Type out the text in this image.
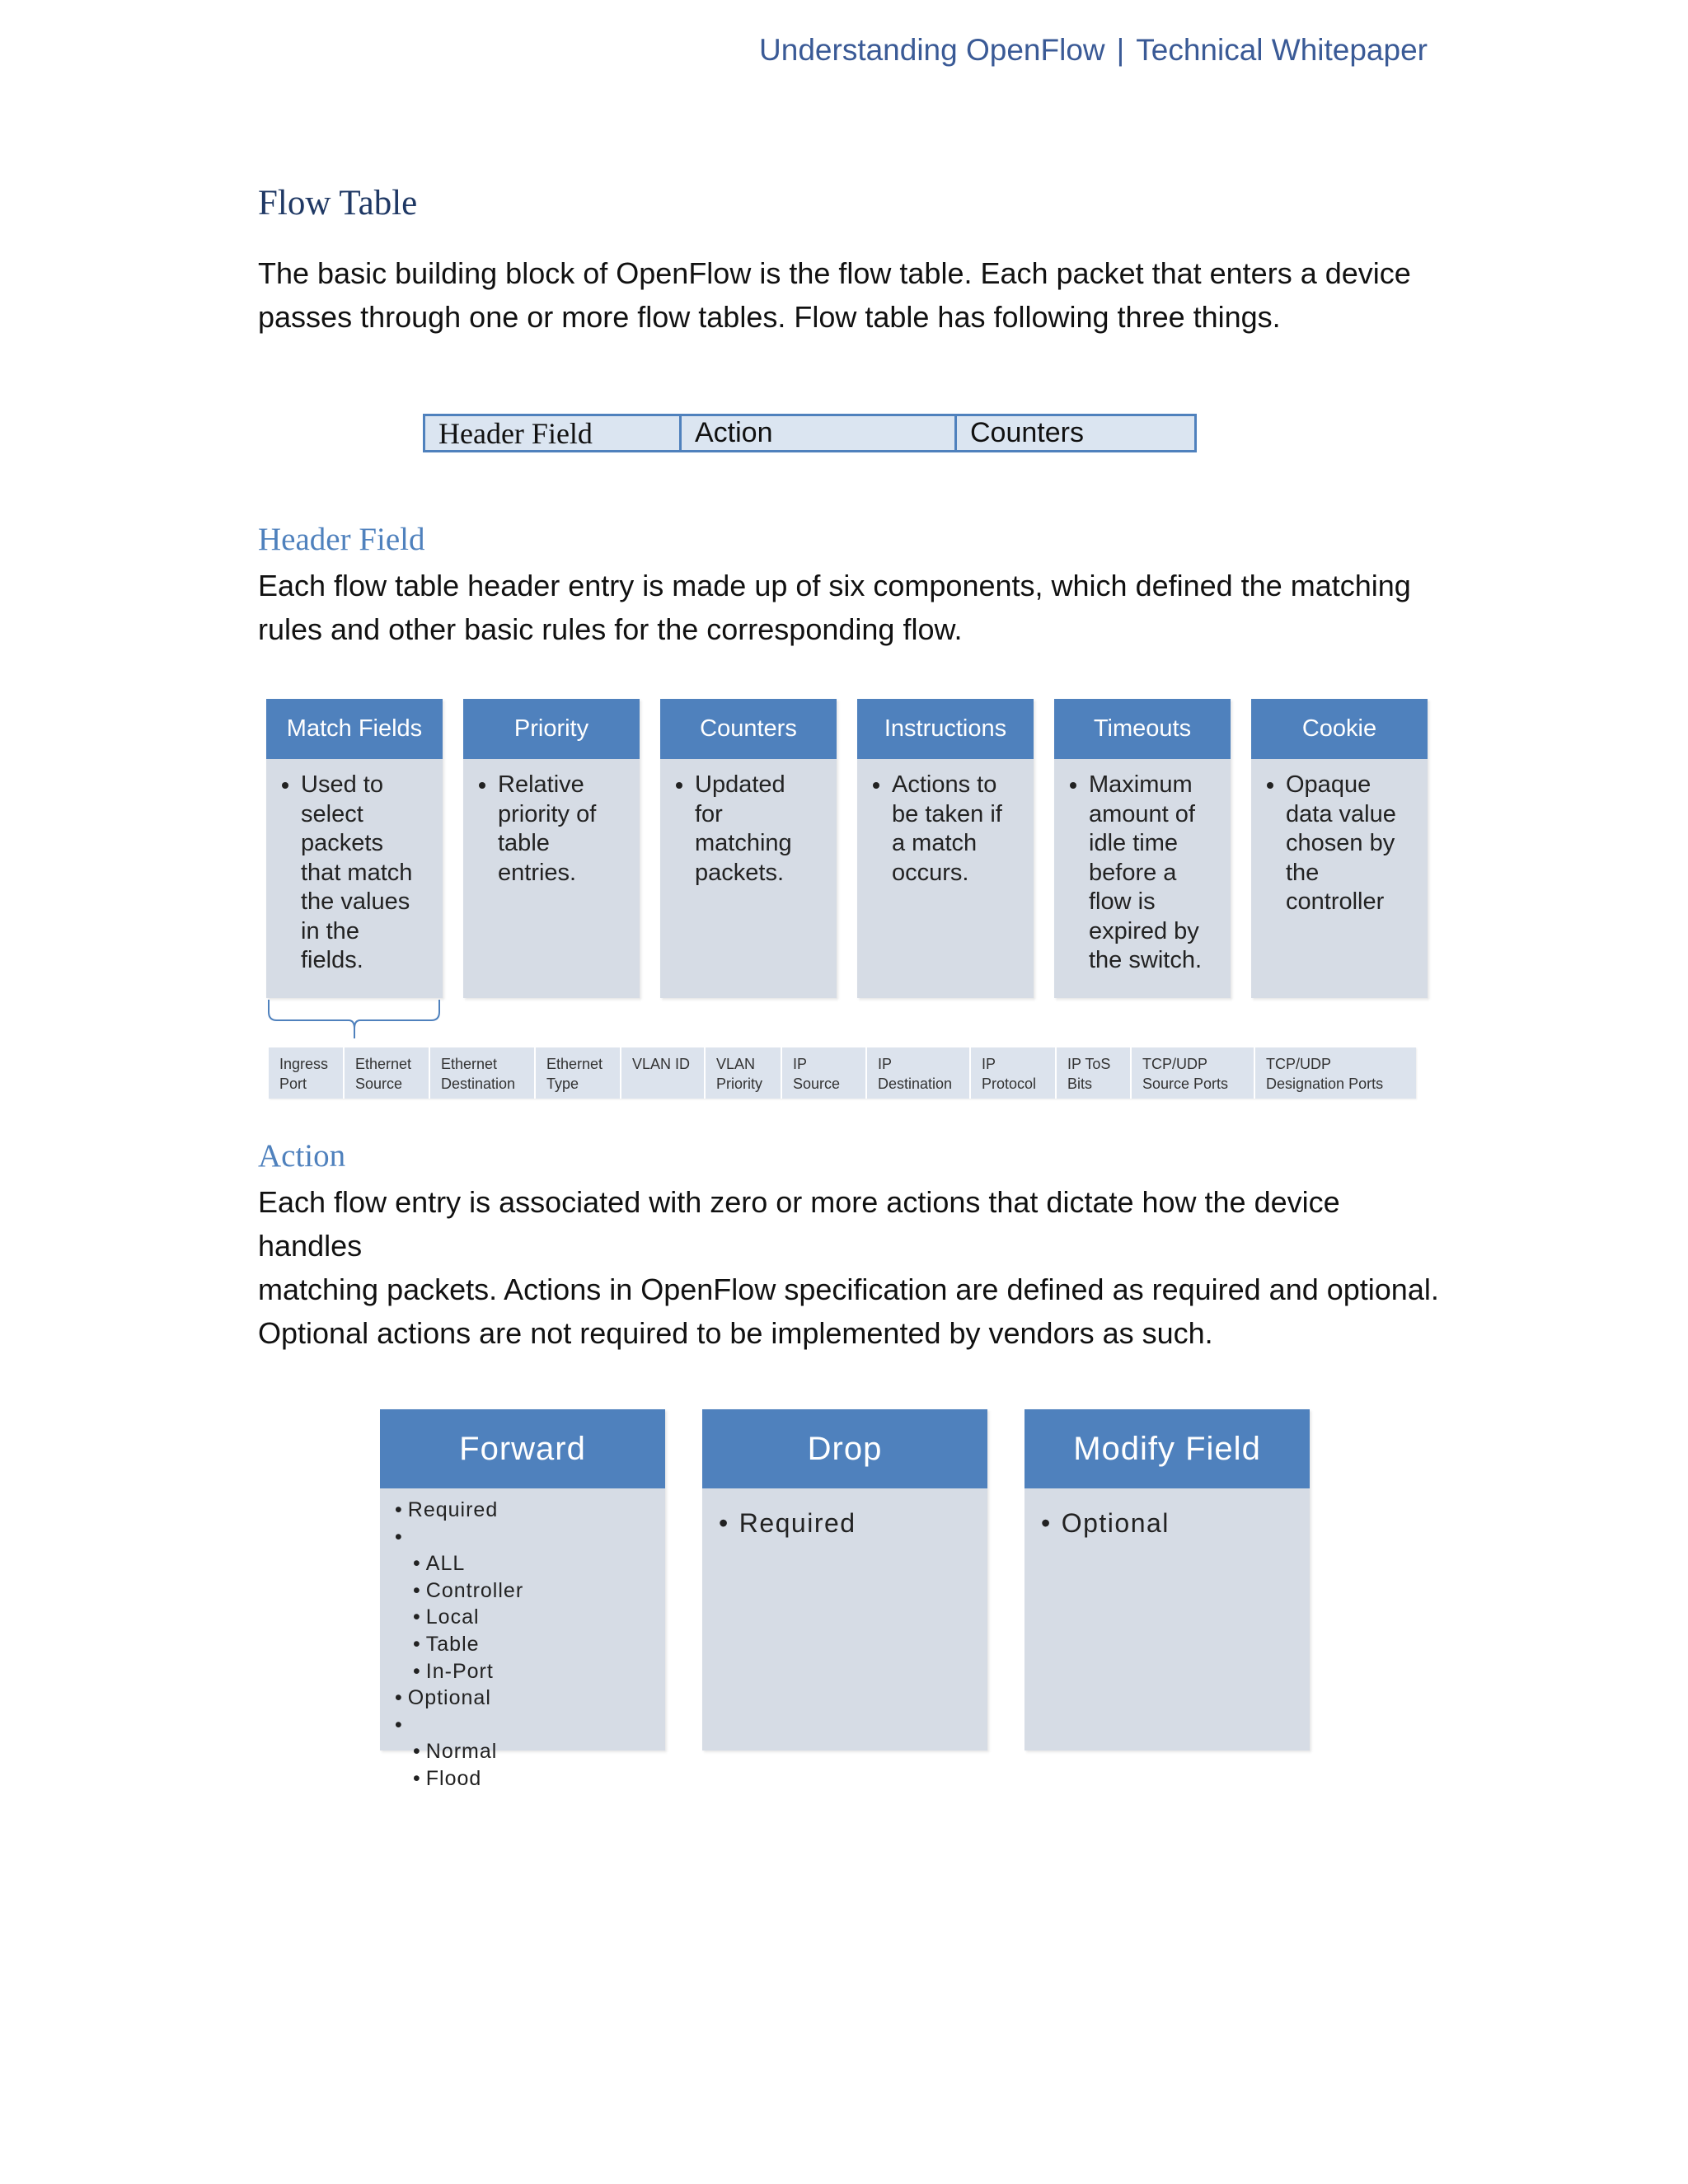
Understanding OpenFlow | Technical Whitepaper
Flow Table
The basic building block of OpenFlow is the flow table. Each packet that enters a device
passes through one or more flow tables. Flow table has following three things.
Header Field	Action	Counters
Header Field
Each flow table header entry is made up of six components, which defined the matching
rules and other basic rules for the corresponding flow.
Match Fields
• Used to
select
packets
that match
the values
in the
fields.
Priority
• Relative
priority of
table
entries.
Counters
• Updated
for
matching
packets.
Instructions
• Actions to
be taken if
a match
occurs.
Timeouts
• Maximum
amount of
idle time
before a
flow is
expired by
the switch.
Cookie
• Opaque
data value
chosen by
the
controller
Ingress
Port
Ethernet
Source
Ethernet
Destination
Ethernet
Type
VLAN ID	VLAN
Priority
IP
Source
IP
Destination
IP
Protocol
IP ToS
Bits
TCP/UDP
Source Ports
TCP/UDP
Designation Ports
Action
Each flow entry is associated with zero or more actions that dictate how the device handles
matching packets. Actions in OpenFlow specification are defined as required and optional.
Optional actions are not required to be implemented by vendors as such.
Forward
• Required
• • ALL
• Controller
• Local
• Table
• In-Port
• Optional
• • Normal
• Flood
Drop
• Required
Modify Field
• Optional
